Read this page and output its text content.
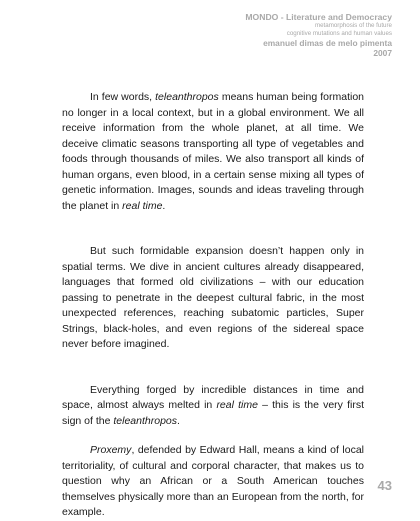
MONDO - Literature and Democracy
metamorphosis of the future
cognitive mutations and human values
emanuel dimas de melo pimenta
2007

In few words, teleanthropos means human being formation no longer in a local context, but in a global environment. We all receive information from the whole planet, at all time. We deceive climatic seasons transporting all type of vegetables and foods through thousands of miles. We also transport all kinds of human organs, even blood, in a certain sense mixing all types of genetic information. Images, sounds and ideas traveling through the planet in real time.

But such formidable expansion doesn’t happen only in spatial terms. We dive in ancient cultures already disappeared, languages that formed old civilizations – with our education passing to penetrate in the deepest cultural fabric, in the most unexpected references, reaching subatomic particles, Super Strings, black-holes, and even regions of the sidereal space never before imagined.

Everything forged by incredible distances in time and space, almost always melted in real time – this is the very first sign of the teleanthropos.

Proxemy, defended by Edward Hall, means a kind of local territoriality, of cultural and corporal character, that makes us to question why an African or a South American touches themselves physically more than an European from the north, for example.

43
